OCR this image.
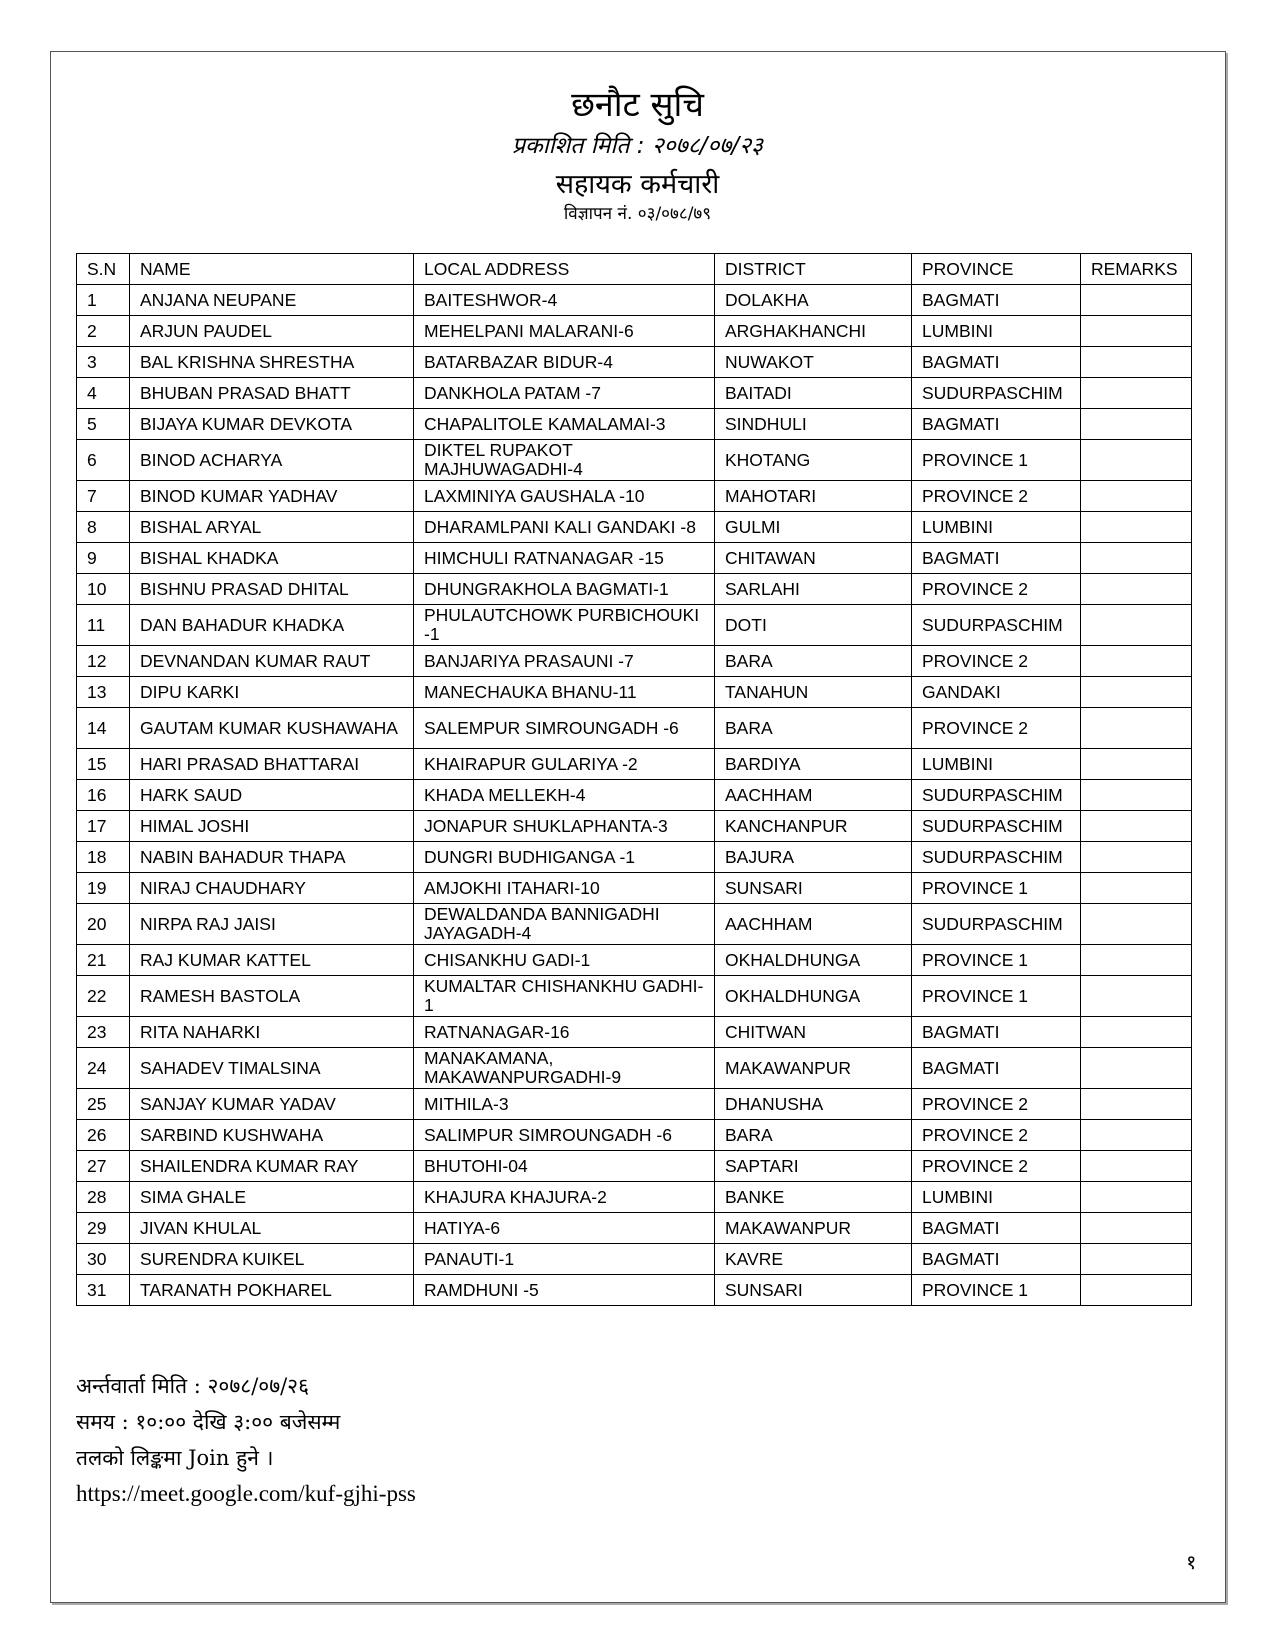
छनौट सुचि
प्रकाशित मिति : २०७८/०७/२३
सहायक कर्मचारी
विज्ञापन नं. ०३/०७८/७९
S.N	NAME	LOCAL ADDRESS	DISTRICT	PROVINCE	REMARKS
1	ANJANA NEUPANE	BAITESHWOR-4	DOLAKHA	BAGMATI	
2	ARJUN PAUDEL	MEHELPANI MALARANI-6	ARGHAKHANCHI	LUMBINI	
3	BAL KRISHNA SHRESTHA	BATARBAZAR BIDUR-4	NUWAKOT	BAGMATI	
4	BHUBAN PRASAD BHATT	DANKHOLA PATAM -7	BAITADI	SUDURPASCHIM	
5	BIJAYA KUMAR DEVKOTA	CHAPALITOLE KAMALAMAI-3	SINDHULI	BAGMATI	
6	BINOD ACHARYA	DIKTEL RUPAKOT MAJHUWAGADHI-4	KHOTANG	PROVINCE 1	
7	BINOD KUMAR YADHAV	LAXMINIYA GAUSHALA -10	MAHOTARI	PROVINCE 2	
8	BISHAL ARYAL	DHARAMLPANI KALI GANDAKI -8	GULMI	LUMBINI	
9	BISHAL KHADKA	HIMCHULI RATNANAGAR -15	CHITAWAN	BAGMATI	
10	BISHNU PRASAD DHITAL	DHUNGRAKHOLA BAGMATI-1	SARLAHI	PROVINCE 2	
11	DAN BAHADUR KHADKA	PHULAUTCHOWK PURBICHOUKI -1	DOTI	SUDURPASCHIM	
12	DEVNANDAN KUMAR RAUT	BANJARIYA PRASAUNI -7	BARA	PROVINCE 2	
13	DIPU KARKI	MANECHAUKA BHANU-11	TANAHUN	GANDAKI	
14	GAUTAM KUMAR KUSHAWAHA	SALEMPUR SIMROUNGADH -6	BARA	PROVINCE 2	
15	HARI PRASAD BHATTARAI	KHAIRAPUR GULARIYA -2	BARDIYA	LUMBINI	
16	HARK SAUD	KHADA MELLEKH-4	AACHHAM	SUDURPASCHIM	
17	HIMAL JOSHI	JONAPUR SHUKLAPHANTA-3	KANCHANPUR	SUDURPASCHIM	
18	NABIN BAHADUR THAPA	DUNGRI BUDHIGANGA -1	BAJURA	SUDURPASCHIM	
19	NIRAJ CHAUDHARY	AMJOKHI ITAHARI-10	SUNSARI	PROVINCE 1	
20	NIRPA RAJ JAISI	DEWALDANDA BANNIGADHI JAYAGADH-4	AACHHAM	SUDURPASCHIM	
21	RAJ KUMAR KATTEL	CHISANKHU GADI-1	OKHALDHUNGA	PROVINCE 1	
22	RAMESH BASTOLA	KUMALTAR CHISHANKHU GADHI-1	OKHALDHUNGA	PROVINCE 1	
23	RITA NAHARKI	RATNANAGAR-16	CHITWAN	BAGMATI	
24	SAHADEV TIMALSINA	MANAKAMANA, MAKAWANPURGADHI-9	MAKAWANPUR	BAGMATI	
25	SANJAY KUMAR YADAV	MITHILA-3	DHANUSHA	PROVINCE 2	
26	SARBIND KUSHWAHA	SALIMPUR SIMROUNGADH -6	BARA	PROVINCE 2	
27	SHAILENDRA KUMAR RAY	BHUTOHI-04	SAPTARI	PROVINCE 2	
28	SIMA GHALE	KHAJURA KHAJURA-2	BANKE	LUMBINI	
29	JIVAN KHULAL	HATIYA-6	MAKAWANPUR	BAGMATI	
30	SURENDRA KUIKEL	PANAUTI-1	KAVRE	BAGMATI	
31	TARANATH POKHAREL	RAMDHUNI -5	SUNSARI	PROVINCE 1	
अर्न्तवार्ता मिति : २०७८/०७/२६
समय : १०:०० देखि ३:०० बजेसम्म
तलको लिङ्कमा Join हुने ।
https://meet.google.com/kuf-gjhi-pss
१
